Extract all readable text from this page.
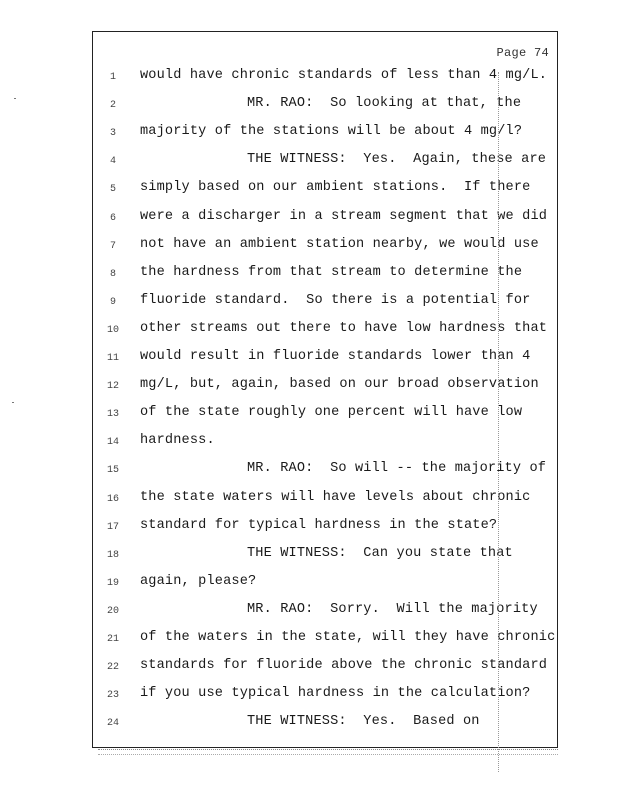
Page 74
1	would have chronic standards of less than 4 mg/L.
2	MR. RAO:  So looking at that, the
3	majority of the stations will be about 4 mg/l?
4	THE WITNESS:  Yes.  Again, these are
5	simply based on our ambient stations.  If there
6	were a discharger in a stream segment that we did
7	not have an ambient station nearby, we would use
8	the hardness from that stream to determine the
9	fluoride standard.  So there is a potential for
10 other streams out there to have low hardness that
11 would result in fluoride standards lower than 4
12 mg/L, but, again, based on our broad observation
13 of the state roughly one percent will have low
14 hardness.
15	MR. RAO:  So will -- the majority of
16 the state waters will have levels about chronic
17 standard for typical hardness in the state?
18	THE WITNESS:  Can you state that
19 again, please?
20	MR. RAO:  Sorry.  Will the majority
21 of the waters in the state, will they have chronic
22 standards for fluoride above the chronic standard
23 if you use typical hardness in the calculation?
24	THE WITNESS:  Yes.  Based on
